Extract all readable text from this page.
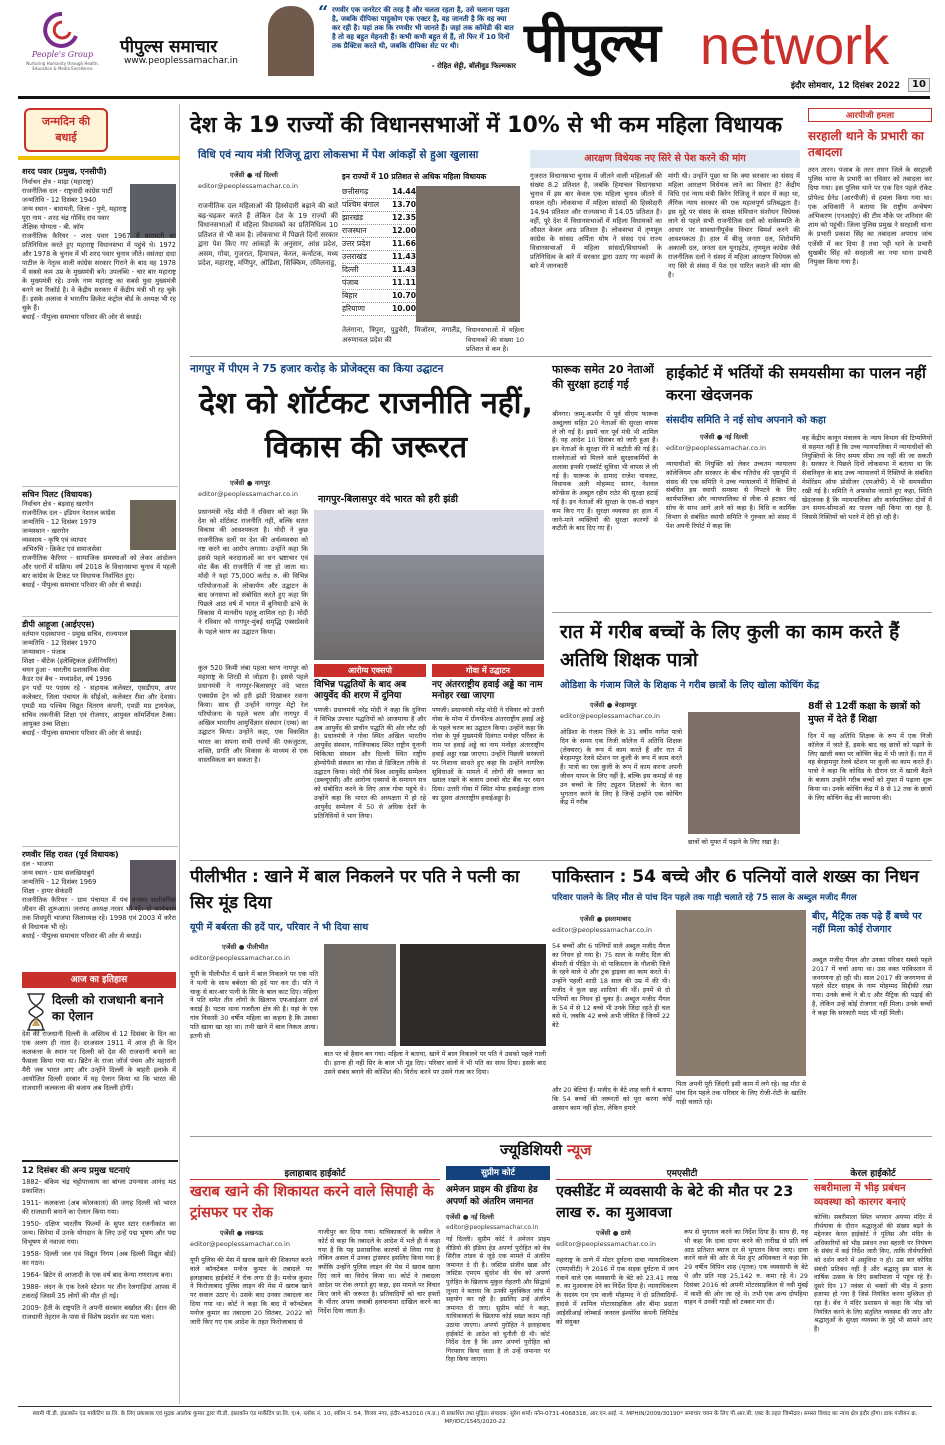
People's Group
Nurturing Humanity through Health, Education & Media Excellence
पीपुल्स समाचार
www.peoplessamachar.in
“ रणवीर एक जनरेटर की तरह है और चलता रहता है, उसे चलाना पड़ता है, जबकि दीपिका पादुकोण एक एक्टर है, वह जानती है कि वह क्या कर रही है। यहां तक कि रणवीर भी जानते हैं। जहां तक कॉमेडी की बात है तो वह बहुत मेहनती हैं। कभी कभी बहुत से हैं, तो फिर में 10 दिनों तक प्रैक्टिस करते थी, जबकि दीपिका सेट पर थी।
- रोहित शेट्टी, बॉलीवुड फिल्मकार पीपुल्स network
इंदौर सोमवार, 12 दिसंबर 2022	10
जन्मदिन की बधाई
शरद पवार (प्रमुख, एनसीपी)
निर्वाचन क्षेत्र - माढ़ा (महाराष्ट्र)
राजनीतिक दल - राष्ट्रवादी कांग्रेस पार्टी
जन्मतिथि - 12 दिसंबर 1940
जन्म स्थान - बारामती, जिला - पुणे, महाराष्ट्र
पूरा नाम - शरद चंद्र गोविंद राव पवार
शैक्षिक योग्यता - बी. कॉम
राजनीतिक कैरियर - शरद पवार 1967 में बारामती का प्रतिनिधित्व करते हुए महाराष्ट्र विधानसभा में पहुंचे थे। 1972 और 1978 के चुनाव में भी शरद पवार चुनाव जीते। वसंतदा दादा पाटील के नेतृत्व वाली कांग्रेस सरकार गिराने के बाद वह 1978 में सबसे कम उम्र के मुख्यमंत्री बने। उपलब्धि - चार बार महाराष्ट्र के मुख्यमंत्री रहे। उनके नाम महाराष्ट्र का सबसे युवा मुख्यमंत्री बनने का रिकॉर्ड है। वे केंद्रीय सरकार में केंद्रीय मंत्री भी रह चुके हैं। इसके अलावा वे भारतीय क्रिकेट कंट्रोल बोर्ड के अध्यक्ष भी रह चुके हैं।
बधाई - पीपुल्स समाचार परिवार की ओर से बधाई।
सचिन पिलट (विधायक)
निर्वाचन क्षेत्र - बढ़वाह खरगोन
राजनीतिक दल - इंडियन नेशनल कांग्रेस
जन्मतिथि - 12 दिसंबर 1979
जन्मस्थान - खरगोन
व्यवसाय - कृषि एवं व्यापार
अभिरुचि - क्रिकेट एवं समाजसेवा
राजनीतिक कैरियर - सामाजिक समस्याओं को लेकर आंदोलन और धरनों में सक्रिय। वर्ष 2018 के विधानसभा चुनाव में पहली बार कांग्रेस के टिकट पर विधायक निर्वाचित हुए।
बधाई - पीपुल्स समाचार परिवार की ओर से बधाई।
डीपी आहूजा (आईएएस)
वर्तमान पदस्थापना - प्रमुख सचिव, राज्यपाल
जन्मतिथि - 12 दिसंबर 1970
जन्मस्थान - पंजाब
शिक्षा - बीटेक (इलेक्ट्रिकल इंजीनियरिंग)
चयन हुआ - भारतीय प्रशासनिक सेवा
कैडर एवं बैच - मध्यप्रदेश, वर्ष 1996
इन पदों पर पदस्थ रहे - सहायक कलेक्टर, एसडीएम, अपर कलेक्टर, जिला पंचायत के सीईओ, कलेक्टर रीवा और देवास। एमडी मप्र पश्चिम विद्युत वितरण कंपनी, एमडी मप्र ट्रायफेक, सचिव तकनीकी शिक्षा एवं रोजगार, आयुक्त कॉमर्शियल टैक्स। आयुक्त उच्च शिक्षा।
बधाई - पीपुल्स समाचार परिवार की ओर से बधाई।
रणवीर सिंह रावत (पूर्व विधायक)
दल - भाजपा
जन्म स्थान - ग्राम सलखियाबुर्ग
जन्मतिथि - 12 दिसंबर 1969
शिक्षा - हायर सेकंडरी
राजनीतिक कैरियर - ग्राम पंचायत में पंच बनकर सार्वजनिक जीवन की शुरूआत। जनपद अध्यक्ष नरवर भी रहे। दो कार्यकाल तक शिवपुरी भाजपा जिलाध्यक्ष रहे। 1998 एवं 2003 में करैरा से विधायक भी रहे।
बधाई - पीपुल्स समाचार परिवार की ओर से बधाई।
आज का इतिहास
दिल्ली को राजधानी बनाने का ऐलान
देश की राजधानी दिल्ली के अस्तित्व से 12 दिसंबर के दिन का एक अलग ही नाता है। दरअसल 1911 में आज ही के दिन कलकत्ता के स्थान पर दिल्ली को देश की राजधानी बनाने का फैसला किया गया था। ब्रिटेन के राजा जॉर्ज पंचम और महारानी मैरी जब भारत आए और उन्होंने दिल्ली के बाहरी इलाके में आयोजित दिल्ली दरबार में यह ऐलान किया था कि भारत की राजधानी कलकत्ता की बजाय अब दिल्ली होगी।
12 दिसंबर की अन्य प्रमुख घटनाएं
1882- बंकिम चंद्र चट्टोपाध्याय का बांग्ला उपन्यास आनंद मठ प्रकाशित।
1911- कलकत्ता (अब कोलकाता) की जगह दिल्ली को भारत की राजधानी बनाने का ऐलान किया गया।
1950- दक्षिण भारतीय फिल्मों के सुपर स्टार रजनीकांत का जन्म। सिनेमा में उनके योगदान के लिए उन्हें पद्म भूषण और पद्म विभूषण से नवाजा गया।
1958- दिल्ली जल एवं विद्युत निगम (अब दिल्ली विद्युत बोर्ड) का गठन।
1964- ब्रिटेन से आजादी के एक वर्ष बाद केन्या गणराज्य बना।
1988- लंदन के एक रेलवे स्टेशन पर तीन रेलगाड़ियां आपस में टकराईं जिसमें 35 लोगों की मौत हो गई।
2009- हैती के राष्ट्रपति ने अपनी सरकार बर्खास्त की। ईरान की राजधानी तेहरान के पास से विशेष प्रदर्शन का पता चला।
देश के 19 राज्यों की विधानसभाओं में 10% से भी कम महिला विधायक
विधि एवं न्याय मंत्री रिजिजू द्वारा लोकसभा में पेश आंकड़ों से हुआ खुलासा
एजेंसी ● नई दिल्ली
editor@peoplessamachar.co.in
राजनीतिक दल महिलाओं की हिस्सेदारी बढ़ाने की बातें बढ़-चढ़कर करते हैं लेकिन देश के 19 राज्यों की विधानसभाओं में महिला विधायकों का प्रतिनिधित्व 10 प्रतिशत से भी कम है। लोकसभा में पिछले दिनों सरकार द्वारा पेश किए गए आंकड़ों के अनुसार, आंध्र प्रदेश, असम, गोवा, गुजरात, हिमाचल, केरल, कर्नाटक, मध्य प्रदेश, महाराष्ट्र, मणिपुर, ओडिशा, सिक्किम, तमिलनाडु,
इन राज्यों में 10 प्रतिशत से अधिक महिला विधायक
छत्तीसगढ़	14.44
पश्चिम बंगाल	13.70
झारखंड	12.35
राजस्थान	12.00
उत्तर प्रदेश	11.66
उत्तराखंड	11.43
दिल्ली	11.43
पंजाब	11.11
बिहार	10.70
हरियाणा	10.00
तेलंगाना, त्रिपुरा, पुडुचेरी, मिजोरम, नगालैंड, अरुणाचल प्रदेश की
विधानसभाओं में महिला विधायकों की संख्या 10 प्रतिशत से कम है।
आरक्षण विधेयक नए सिरे से पेश करने की मांग
गुजरात विधानसभा चुनाव में जीतने वाली महिलाओं की संख्या 8.2 प्रतिशत है, जबकि हिमाचल विधानसभा चुनाव में इस बार केवल एक महिला चुनाव जीतने में सफल रही। लोकसभा में महिला सांसदों की हिस्सेदारी 14.94 प्रतिशत और राज्यसभा में 14.05 प्रतिशत है। वहीं, पूरे देश में विधानसभाओं में महिला विधायकों का औसत केवल आठ प्रतिशत है। लोकसभा में तृणमूल कांग्रेस के सांसद अर्पिता घोष ने संसद एवं राज्य विधानसभाओं में महिला सांसदों/विधायकों के प्रतिनिधित्व के बारे में सरकार द्वारा उठाए गए कदमों के बारे में जानकारी
मांगी थी। उन्होंने पूछा था कि क्या सरकार का संसद में महिला आरक्षण विधेयक लाने का विचार है? केंद्रीय विधि एवं न्याय मंत्री किरेन रिजिजू ने सदन में कहा था, लैंगिक न्याय सरकार की एक महत्वपूर्ण प्रतिबद्धता है। इस मुद्दे पर संसद के समक्ष संविधान संशोधन विधेयक लाने से पहले सभी राजनीतिक दलों को सर्वसम्मति के आधार पर सावधानीपूर्वक विचार विमर्श करने की आवश्यकता है। हाल में बीजू जनता दल, शिरोमणि अकाली दल, जनता दल यूनाइटेड, तृणमूल कांग्रेस जैसे राजनीतिक दलों ने संसद में महिला आरक्षण विधेयक को नए सिरे से संसद में पेश एवं पारित कराने की मांग की है।
आरपीजी हमला
सरहाली थाने के प्रभारी का तबादला
तरन तारन। पंजाब के तरन तारन जिले के सरहाली पुलिस थाना के प्रभारी का रविवार को तबादला कर दिया गया। इस पुलिस थाने पर एक दिन पहले रॉकेट प्रोपेल्ड ग्रेनेड (आरपीजी) से हमला किया गया था। एक अधिकारी ने बताया कि राष्ट्रीय अन्वेषण अभिकरण (एनआईए) की टीम मौके पर शनिवार की शाम को पहुंची। जिला पुलिस प्रमुख ने सरहाली थाना के प्रभारी प्रकाश सिंह का तबादला अपराध जांच एजेंसी में कर दिया है तथा पट्टी थाने के प्रभारी सुखबीर सिंह को सरहाली का नया थाना प्रभारी नियुक्त किया गया है।
नागपुर में पीएम ने 75 हजार करोड़ के प्रोजेक्ट्स का किया उद्घाटन
देश को शॉर्टकट राजनीति नहीं, विकास की जरूरत
एजेंसी ● नागपुर
editor@peoplessamachar.co.in
प्रधानमंत्री नरेंद्र मोदी ने रविवार को कहा कि देश को शॉर्टकट राजनीति नहीं, बल्कि सतत विकास की आवश्यकता है। मोदी ने कुछ राजनीतिक दलों पर देश की अर्थव्यवस्था को नष्ट करने का आरोप लगाया। उन्होंने कहा कि इससे पहले करदाताओं का धन भ्रष्टाचार एवं वोट बैंक की राजनीति में नष्ट हो जाता था। मोदी ने यहां 75,000 करोड़ रु. की विभिन्न परियोजनाओं के लोकार्पण और उद्घाटन के बाद जनसभा को संबोधित करते हुए कहा कि पिछले आठ वर्ष में भारत में बुनियादी ढांचे के विकास में मानवीय पहलू शामिल रहा है। मोदी ने रविवार को नागपुर-मुंबई समृद्धि एक्सप्रेसवे के पहले चरण का उद्घाटन किया।
नागपुर-बिलासपुर वंदे भारत को हरी झंडी
कुल 520 किमी लंबा पहला चरण नागपुर को महाराष्ट्र के शिरडी से जोड़ता है। इससे पहले प्रधानमंत्री ने नागपुर-बिलासपुर वंदे भारत एक्सप्रेस ट्रेन को हरी झंडी दिखाकर रवाना किया। साथ ही उन्होंने नागपुर मेट्रो रेल परियोजना के पहले चरण और नागपुर में अखिल भारतीय आयुर्विज्ञान संस्थान (एम्स) का उद्घाटन किया। उन्होंने कहा, एक विकसित भारत का सपना सभी राज्यों की एकजुटता, शक्ति, प्रगति और विकास के माध्यम से एक वास्तविकता बन सकता है।
आरोग्य एक्सपो
विभिन्न पद्धतियों के बाद अब आयुर्वेद की शरण में दुनिया
पणजी। प्रधानमंत्री नरेंद्र मोदी ने कहा कि दुनिया ने विभिन्न उपचार पद्धतियों को आजमाया है और अब आयुर्वेद की प्राचीन पद्धति की ओर लौट रही है। प्रधानमंत्री ने गोवा स्थित अखिल भारतीय आयुर्वेद संस्थान, गाजियाबाद स्थित राष्ट्रीय यूनानी चिकित्सा संस्थान और दिल्ली स्थित राष्ट्रीय होम्योपैथी संस्थान का गोवा से डिजिटल तरीके से उद्घाटन किया। मोदी नौवें विश्व आयुर्वेद सम्मेलन (डब्ल्यूएसी) और आरोग्य एक्सपो के समापन सत्र को संबोधित करने के लिए आज गोवा पहुंचे थे। उन्होंने कहा कि भारत की अध्यक्षता में हो रहे आयुर्वेद सम्मेलन में 50 से अधिक देशों के प्रतिनिधियों ने भाग लिया।
गोवा में उद्घाटन
नए अंतरराष्ट्रीय हवाई अड्डे का नाम मनोहर रखा जाएगा
पणजी। प्रधानमंत्री नरेंद्र मोदी ने रविवार को उत्तरी गोवा के मोपा में ग्रीनफील्ड अंतरराष्ट्रीय हवाई अड्डे के पहले चरण का उद्घाटन किया। उन्होंने कहा कि गोवा के पूर्व मुख्यमंत्री दिवंगत मनोहर पर्रिकर के नाम पर हवाई अड्डे का नाम मनोहर अंतरराष्ट्रीय हवाई अड्डा रखा जाएगा। उन्होंने पिछली सरकारों पर निशाना साधते हुए कहा कि उन्होंने नागरिक सुविधाओं के मामले में लोगों की जरूरत का ख्याल रखने के बजाय उनको वोट बैंक पर ध्यान दिया। उत्तरी गोवा में स्थित मोपा हवाईअड्डा राज्य का दूसरा अंतरराष्ट्रीय हवाईअड्डा है।
फारूक समेत 20 नेताओं की सुरक्षा हटाई गई
श्रीनगर। जम्मू-कश्मीर में पूर्व सीएम फारूक अब्दुल्ला सहित 20 नेताओं की सुरक्षा वापस ले ली गई है। इसमें चार पूर्व मंत्री भी शामिल हैं। यह आदेश 10 दिसंबर को जारी हुआ है। इन नेताओं के सुरक्षा घेरे में कटौती की गई है। राजनेताओं को मिलने वाले सुरक्षाकर्मियों के अलावा इनकी एस्कॉर्ट सुविधा भी वापस ले ली गई है। फारूक के दामाद राजेश पायलट, विधायक अली मोहम्मद सागर, नेशनल कॉन्फ्रेंस के अब्दुल रहीम राठेर की सुरक्षा हटाई गई है। इन नेताओं की सुरक्षा के एक-दो वाहन कम किए गए हैं। सुरक्षा व्यवस्था हर हाल में जाने-माने व्यक्तियों की सुरक्षा कारणों से कटौती के बाद दिए गए हैं।
हाईकोर्ट में भर्तियों की समयसीमा का पालन नहीं करना खेदजनक
संसदीय समिति ने नई सोच अपनाने को कहा
एजेंसी ● नई दिल्ली
editor@peoplessamachar.co.in
न्यायाधीशों की नियुक्ति को लेकर उच्चतम न्यायालय कॉलेजियम और सरकार के बीच गतिरोध की पृष्ठभूमि में संसद की एक समिति ने उच्च न्यायालयों में रिक्तियों से संबंधित इस स्थायी समस्या से निपटने के लिए कार्यपालिका और न्यायपालिका से लीक से हटकर नई सोच के साथ आगे आने को कहा है। विधि व कार्मिक विभाग से संबंधित स्थायी समिति ने गुरुवार को संसद में पेश अपनी रिपोर्ट में कहा कि
वह केंद्रीय कानून मंत्रालय के न्याय विभाग की टिप्पणियों से सहमत नहीं है कि उच्च न्यायपालिका में न्यायाधीशों की नियुक्तियों के लिए समय सीमा तय नहीं की जा सकती है। सरकार ने पिछले दिनों लोकसभा में बताया था कि सेवानिवृत्त के बाद उच्च न्यायालयों में रिक्तियों के संबंधित मेमोरेंडम ऑफ प्रोसीजर (एमओपी) में भी समयसीमा रखी गई है। समिति ने अफसोस जताते हुए कहा, स्थिति खेदजनक है कि न्यायपालिका और कार्यपालिका दोनों में उन समय-सीमाओं का पालन नहीं किया जा रहा है, जिससे रिक्तियों को भरने में देरी हो रही है।
रात में गरीब बच्चों के लिए कुली का काम करते हैं अतिथि शिक्षक पात्रो
ओडिशा के गंजाम जिले के शिक्षक ने गरीब छात्रों के लिए खोला कोचिंग केंद्र
एजेंसी ● बेरहामपुर
editor@peoplessamachar.co.in
ओडिशा के गंजाम जिले के 31 वर्षीय नागेश पात्रो दिन के समय एक निजी कॉलेज में अतिथि शिक्षक (लेक्चरर) के रूप में काम करते हैं और रात में बेरहामपुर रेलवे स्टेशन पर कुली के रूप में काम करते हैं। पात्रो का एक कुली के रूप में काम करना अपनी जीवन यापन के लिए नहीं है, बल्कि इस कमाई से वह उन बच्चों के लिए ट्यूशन शिक्षकों के वेतन का भुगतान करने के लिए है जिन्हें उन्होंने एक कोचिंग केंद्र में गरीब
छात्रों को मुफ्त में पढ़ाने के लिए रखा है।
8वीं से 12वीं कक्षा के छात्रों को मुफ्त में देते हैं शिक्षा
दिन में वह अतिथि शिक्षक के रूप में एक निजी कॉलेज में जाते हैं, इसके बाद वह छात्रों को पढ़ाने के लिए खाली वक्त पर कोचिंग केंद्र में भी जाते हैं। रात में वह बेरहामपुर रेलवे स्टेशन पर कुली का काम करते हैं। पात्रो ने कहा कि कोविड के दौरान घर में खाली बैठने के बजाय उन्होंने गरीब बच्चों को मुफ्त में पढ़ाना शुरू किया था। उनके कोचिंग केंद्र में 8 से 12 तक के छात्रों के लिए कोचिंग केंद्र की स्थापना की।
पीलीभीत : खाने में बाल निकलने पर पति ने पत्नी का सिर मूंड दिया
यूपी में बर्बरता की हदें पार, परिवार ने भी दिया साथ
एजेंसी ● पीलीभीत
editor@peoplessamachar.co.in
यूपी के पीलीभीत में खाने में बाल निकलने पर एक पति ने पत्नी के साथ बर्बरता की हदें पार कर दी। पति ने चाकू से बार-बार पत्नी के सिर के बाल काट दिए। महिला ने पति समेत तीन लोगों के खिलाफ एफआईआर दर्ज कराई है। घटना थाना गजरौला क्षेत्र की है। यहां के एक गांव निवासी 30 वर्षीय महिला का कहना है कि उसका पति खाना खा रहा था। तभी खाने में बाल निकल आया। इतनी सी
बात पर वो हैवान बन गया। महिला ने बताया, खाने में बाल निकलने पर पति ने उसको पहले गाली दी। इतना ही नहीं सिर के बाल भी मूंड़ दिए। परिवार वालों ने भी पति का साथ दिया। इसके बाद उसने संबंध बनाने की कोशिश की। विरोध करने पर उसने गंजा कर दिया।
पाकिस्तान : 54 बच्चे और 6 पत्नियों वाले शख्स का निधन
परिवार पालने के लिए मौत से पांच दिन पहले तक गाड़ी चलाते रहे 75 साल के अब्दुल मजीद मैंगल
एजेंसी ● इस्लामाबाद
editor@peoplessamachar.co.in
54 बच्चों और 6 पत्नियों वाले अब्दुल मजीद मैंगल का निधन हो गया है। 75 साल के मजीद दिल की बीमारी से पीड़ित थे। वो पाकिस्तान के नौशकी जिले के रहने वाले थे और ट्रक ड्राइवर का काम करते थे। उन्होंने पहली शादी 18 साल की उम्र में की थी। मजीद ने कुल छह शादियां की थीं। इनमें से दो पत्नियों का निधन हो चुका है। अब्दुल मजीद मैंगल के 54 में से 12 बच्चे भी उनके जिंदा रहते ही चल बसे थे, जबकि 42 बच्चे अभी जीवित हैं जिनमें 22 बेटे
बीए, मैट्रिक तक पढ़े हैं बच्चे पर नहीं मिला कोई रोजगार
अब्दुल मजीद मैंगल और उनका परिवार सबसे पहले 2017 में चर्चा आया था। उस वक्त पाकिस्तान में जनगणना हो रही थी। साल 2017 की जनगणना से पहले सेंटर साहब के नाम मोहम्मद सिद्दीकी रखा गया। उनके बच्चे ने बी.ए और मैट्रिक की पढ़ाई की है, लेकिन उन्हें कोई रोजगार नहीं मिला। उनके बच्चों ने कहा कि सरकारी मदद भी नहीं मिली।
और 20 बेटियां हैं। मजीद के बेटे शाह वली ने बताया कि 54 बच्चों की जरूरतों को पूरा करना कोई आसान काम नहीं होता, लेकिन हमारे
पिता अपनी पूरी जिंदगी इसी काम में लगे रहे। वह मौत से पांच दिन पहले तक परिवार के लिए रोजी-रोटी के खातिर गाड़ी चलाते रहे।
ज्यूडिशियरी न्यूज
इलाहाबाद हाईकोर्ट
खराब खाने की शिकायत करने वाले सिपाही के ट्रांसफर पर रोक
एजेंसी ● लखनऊ
editor@peoplessamachar.co.in
यूपी पुलिस की मेस में खराब खाने की शिकायत करने वाले कॉन्स्टेबल मनोज कुमार के तबादले पर इलाहाबाद हाईकोर्ट ने रोक लगा दी है। मनोज कुमार ने फिरोजाबाद पुलिस लाइन की मेस में खराब खाने पर सवाल उठाए थे। उसके बाद उनका तबादला कर दिया गया था। कोर्ट ने कहा कि बाद में कॉन्स्टेबल मनोज कुमार का तबादला 20 सितंबर, 2022 को जारी किए गए एक आदेश के तहत फिरोजाबाद से
गाजीपुर कर दिया गया। याचिकाकर्ता के वकील ने कोर्ट से कहा कि तबादले के आदेश में भले ही ये कहा गया है कि यह प्रशासनिक कारणों से लिया गया है लेकिन असल में उनका ट्रांसफर इसलिए किया गया है क्योंकि उन्होंने पुलिस लाइन की मेस में खराब खाना दिए जाने का विरोध किया था। कोर्ट ने तबादला आदेश पर रोक लगाते हुए कहा, इस मामले पर विचार किए जाने की जरूरत है। प्रतिवादियों को चार हफ्तों के भीतर अपना जवाबी हलफनामा दाखिल करने का निर्देश दिया जाता है।
सुप्रीम कोर्ट
अमेजन प्राइम की इंडिया हेड अपर्णा को अंतरिम जमानत
एजेंसी ● नई दिल्ली
editor@peoplessamachar.co.in
नई दिल्ली। सुप्रीम कोर्ट ने अमेजन प्राइम वीडियो की इंडिया हेड अपर्णा पुरोहित को वेब सिरीज तांडव से जुड़े एक मामले में अंतरिम जमानत दे दी है। जस्टिस संजीव खन्ना और जस्टिस एमएम सुंदरेश की बेंच को अपर्णा पुरोहित के खिलाफ मुकुल रोहतगी और सिद्धार्थ लूथरा ने बताया कि उनकी मुवक्किल जांच में सहयोग कर रही है। इसलिए उन्हें अंतरिम जमानत दी जाए। सुप्रीम कोर्ट ने कहा, याचिकाकर्ता के खिलाफ कोई सख्त कदम नहीं उठाया जाएगा। अपर्णा पुरोहित ने इलाहाबाद हाईकोर्ट के आदेश को चुनौती दी थी। कोर्ट निर्देश देता है कि अगर अपर्णा पुरोहित को गिरफ्तार किया जाता है तो उन्हें जमानत पर रिहा किया जाएगा।
एमएसीटी
एक्सीडेंट में व्यवसायी के बेटे की मौत पर 23 लाख रु. का मुआवजा
एजेंसी ● ठाणे
editor@peoplessamachar.co.in
महाराष्ट्र के ठाणे में मोटर दुर्घटना दावा न्यायाधिकरण (एमएसीटी) ने 2016 में एक सड़क दुर्घटना में जान गंवाने वाले एक व्यवसायी के बेटे को 23.41 लाख रु. का मुआवजा देने का निर्देश दिया है। न्यायाधिकरण के सदस्य एम एम वाली मोहम्मद ने दो प्रतिवादियों-हादसे में शामिल मोटरसाइकिल और बीमा प्रदाता आईसीआई लोम्बार्ड जनरल इंश्योरेंस कंपनी लिमिटेड को संयुक्त
रूप से भुगतान करने का निर्देश दिया है। साथ ही, यह भी कहा कि दावा दायर करने की तारीख से प्रति वर्ष आठ प्रतिशत ब्याज दर से भुगतान किया जाए। दावा करने वाले की ओर से पेश हुए अधिवक्ता ने कहा कि 29 वर्षीय विपिन शाह (मृतक) एक व्यवसायी के बेटे थे और प्रति माह 25,142 रु. कमा रहे थे। 29 दिसंबर 2016 को अपनी मोटरसाइकिल से नवी मुंबई में वाशी की ओर जा रहे थे। तभी एक अन्य दोपहिया वाहन ने उनकी गाड़ी को टक्कर मार दी।
केरल हाईकोर्ट
सबरीमाला में भीड़ प्रबंधन व्यवस्था को कारगर बनाएं
कोच्चि। सबरीमाला स्थित भगवान अयप्पा मंदिर में तीर्थयात्रा के दौरान श्रद्धालुओं की संख्या बढ़ने के मद्देनजर केरल हाईकोर्ट ने पुलिस और मंदिर के अधिकारियों को भीड़ प्रबंधन तथा बहाली पर नियंत्रण के संबंध में कई निर्देश जारी किए, ताकि तीर्थयात्रियों को दर्शन करने में असुविधा न हो। उस बार कोविड संबंधी प्रतिबंध नहीं है और श्रद्धालु इस साल के वार्षिक उत्सव के लिए सबरीमाला में पहुंच रहे हैं। दूसरे दिन 17 नवंबर से भक्तों की भीड़ में इतना इजाफा हो गया है जिसे नियंत्रित करना मुश्किल हो रहा है। बेंच ने मंदिर प्रशासन से कहा कि भीड़ को नियंत्रित करने के लिए संतुलित व्यवस्था की जाए और श्रद्धालुओं के सुरक्षा व्यवस्था के मुद्दे भी सामने आए हैं।
स्वामी पी.डी. इंफ्राकॉन एंड मार्केटिंग प्रा.लि. के लिए प्रकाशक एवं मुद्रक आलोक कुमार द्वारा पी.डी. इंफ्राकॉन एंड मार्केटिंग प्रा.लि. ए/4, ब्लॉक नं. 10, स्कीम नं. 54, विजय नगर, इंदौर-452010 (म.प्र.) से प्रकाशित तथा मुद्रित। संपादक: सुरेश शर्मा। फोन-0731-4068318, आर.एन.आई. नं. MPHIN/2009/30190* समाचार चयन के लिए पी.आर.बी. एक्ट के तहत जिम्मेदार। समस्त विवाद का न्याय क्षेत्र इंदौर होगा। डाक पंजीयन क्र. MP/IDC/1545/2020-22
